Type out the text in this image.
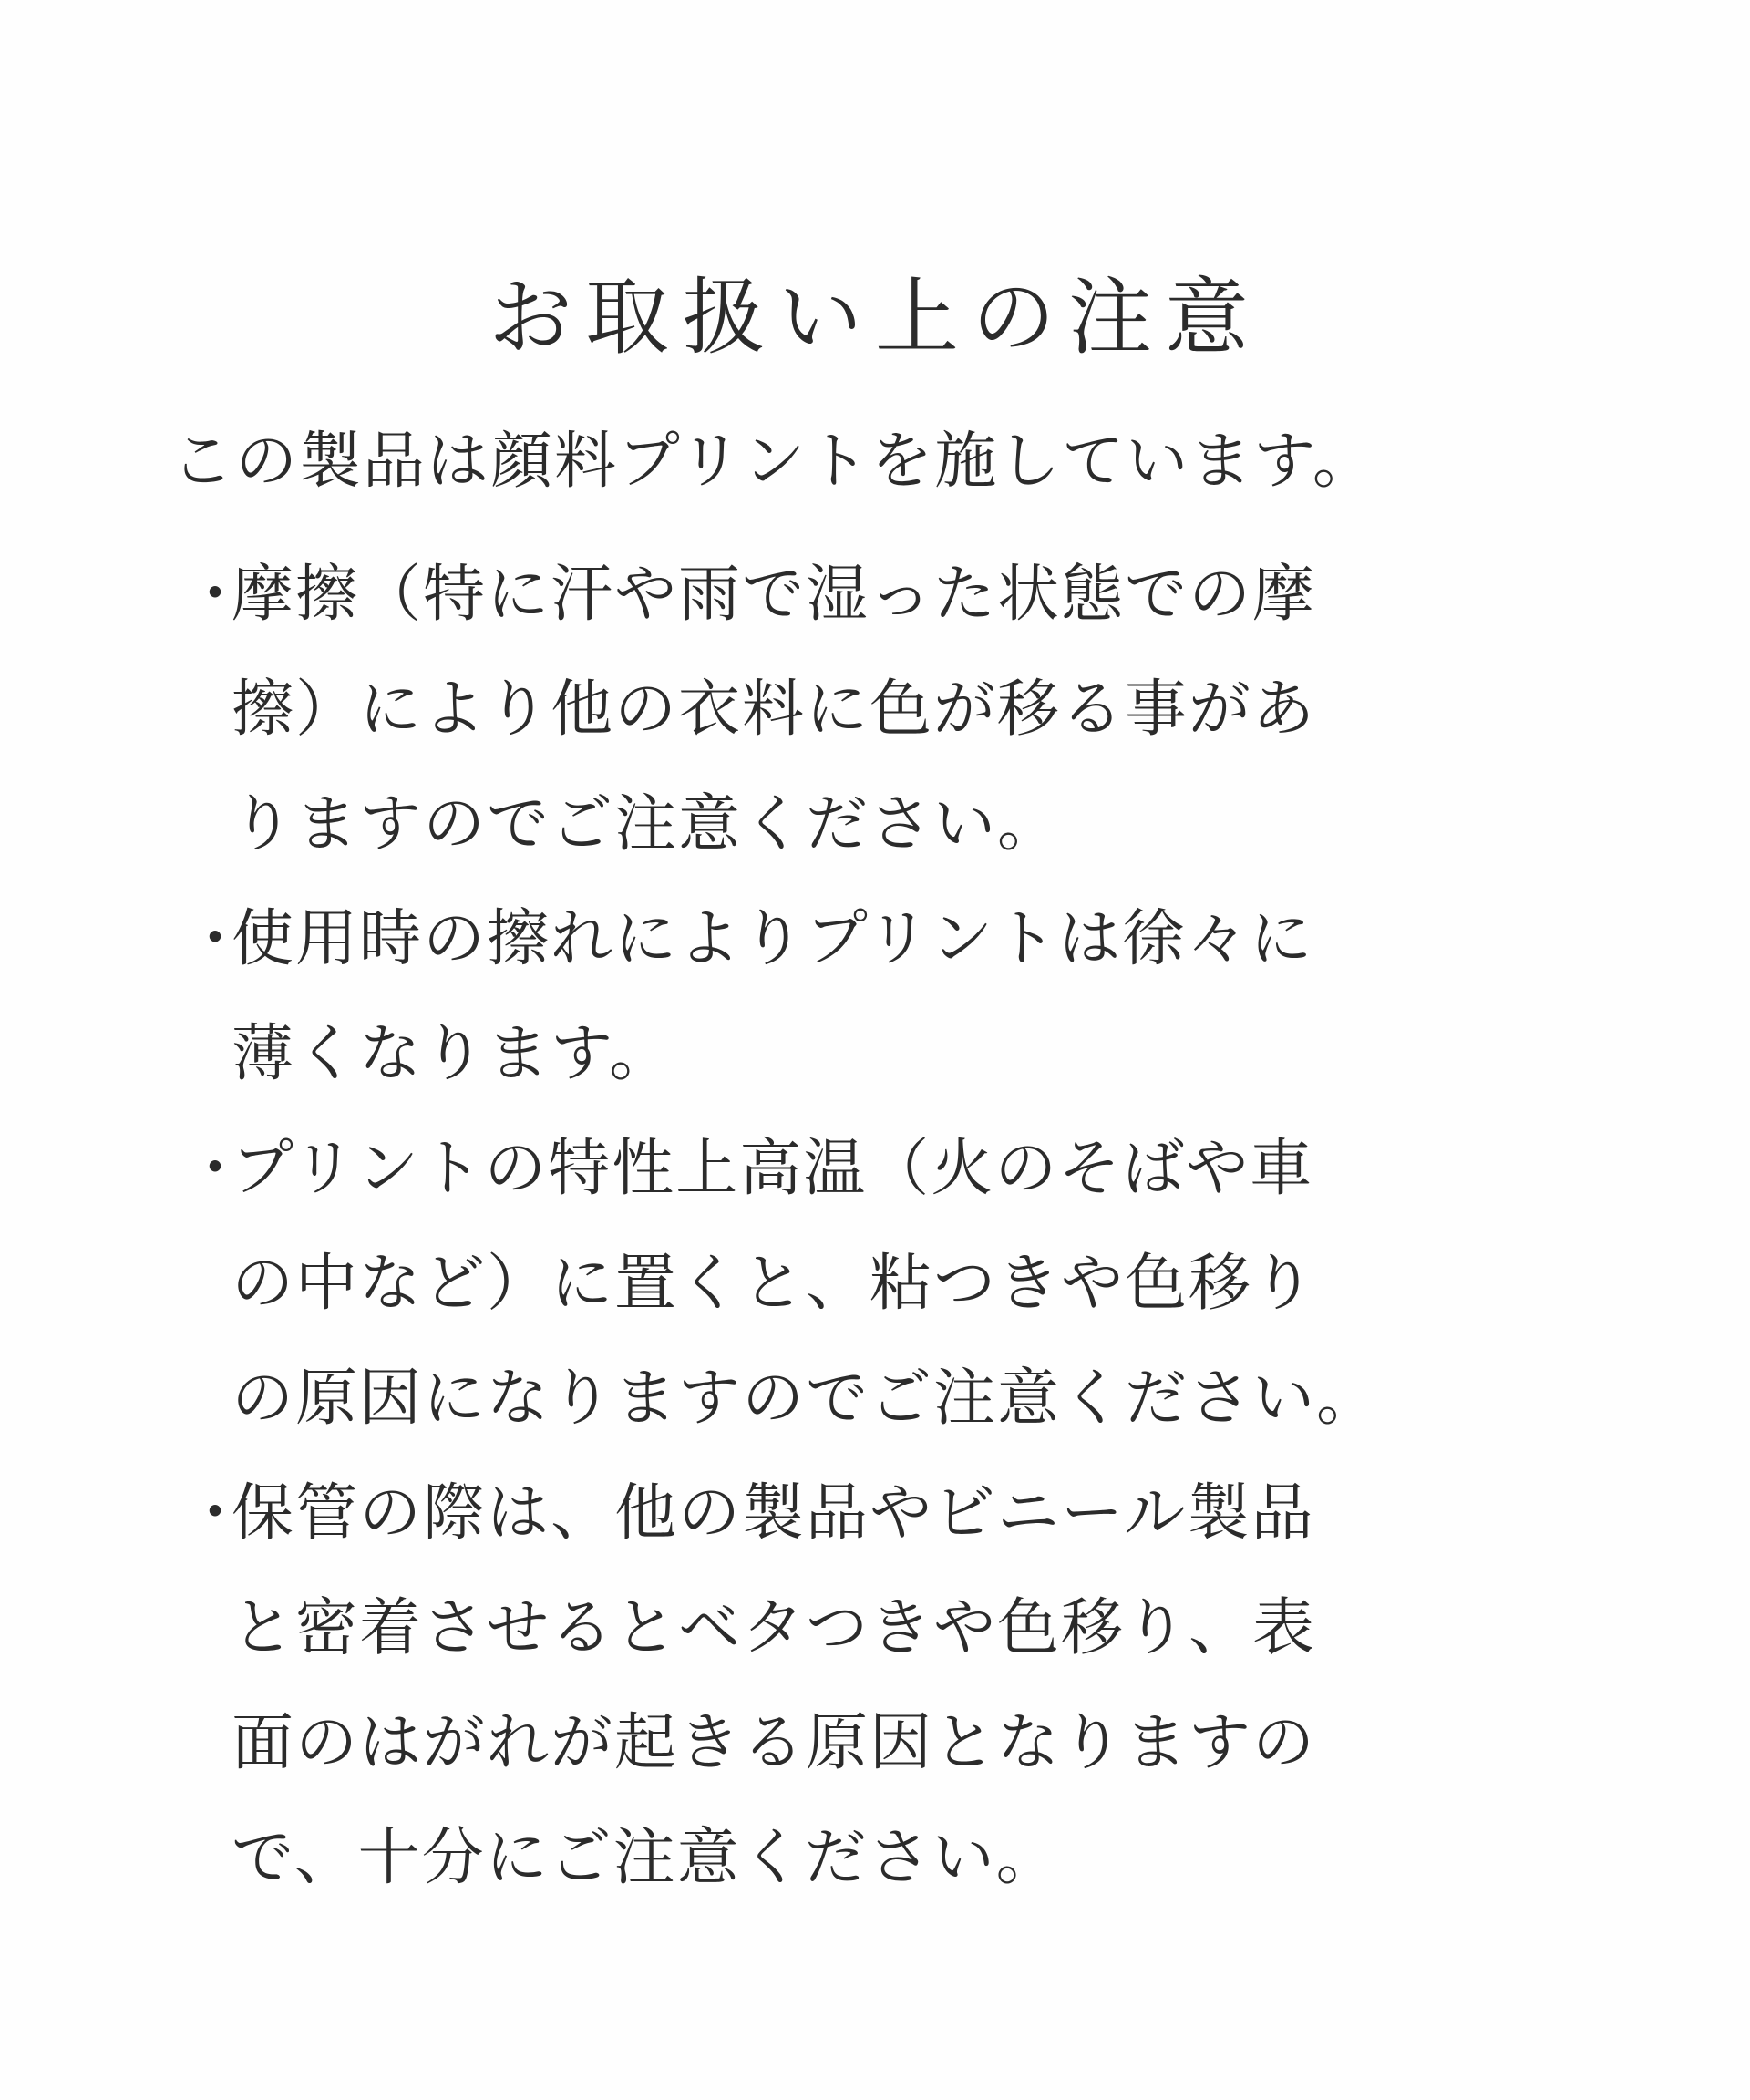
お取扱い上の注意
この製品は顔料プリントを施しています。
・
摩擦（特に汗や雨で湿った状態での摩
擦）により他の衣料に色が移る事があ
りますのでご注意ください。
・
使用時の擦れによりプリントは徐々に
薄くなります。
・
プリントの特性上高温（火のそばや車
の中など）に置くと、粘つきや色移り
の原因になりますのでご注意ください。
・
保管の際は、他の製品やビニール製品
と密着させるとベタつきや色移り、表
面のはがれが起きる原因となりますの
で、十分にご注意ください。
